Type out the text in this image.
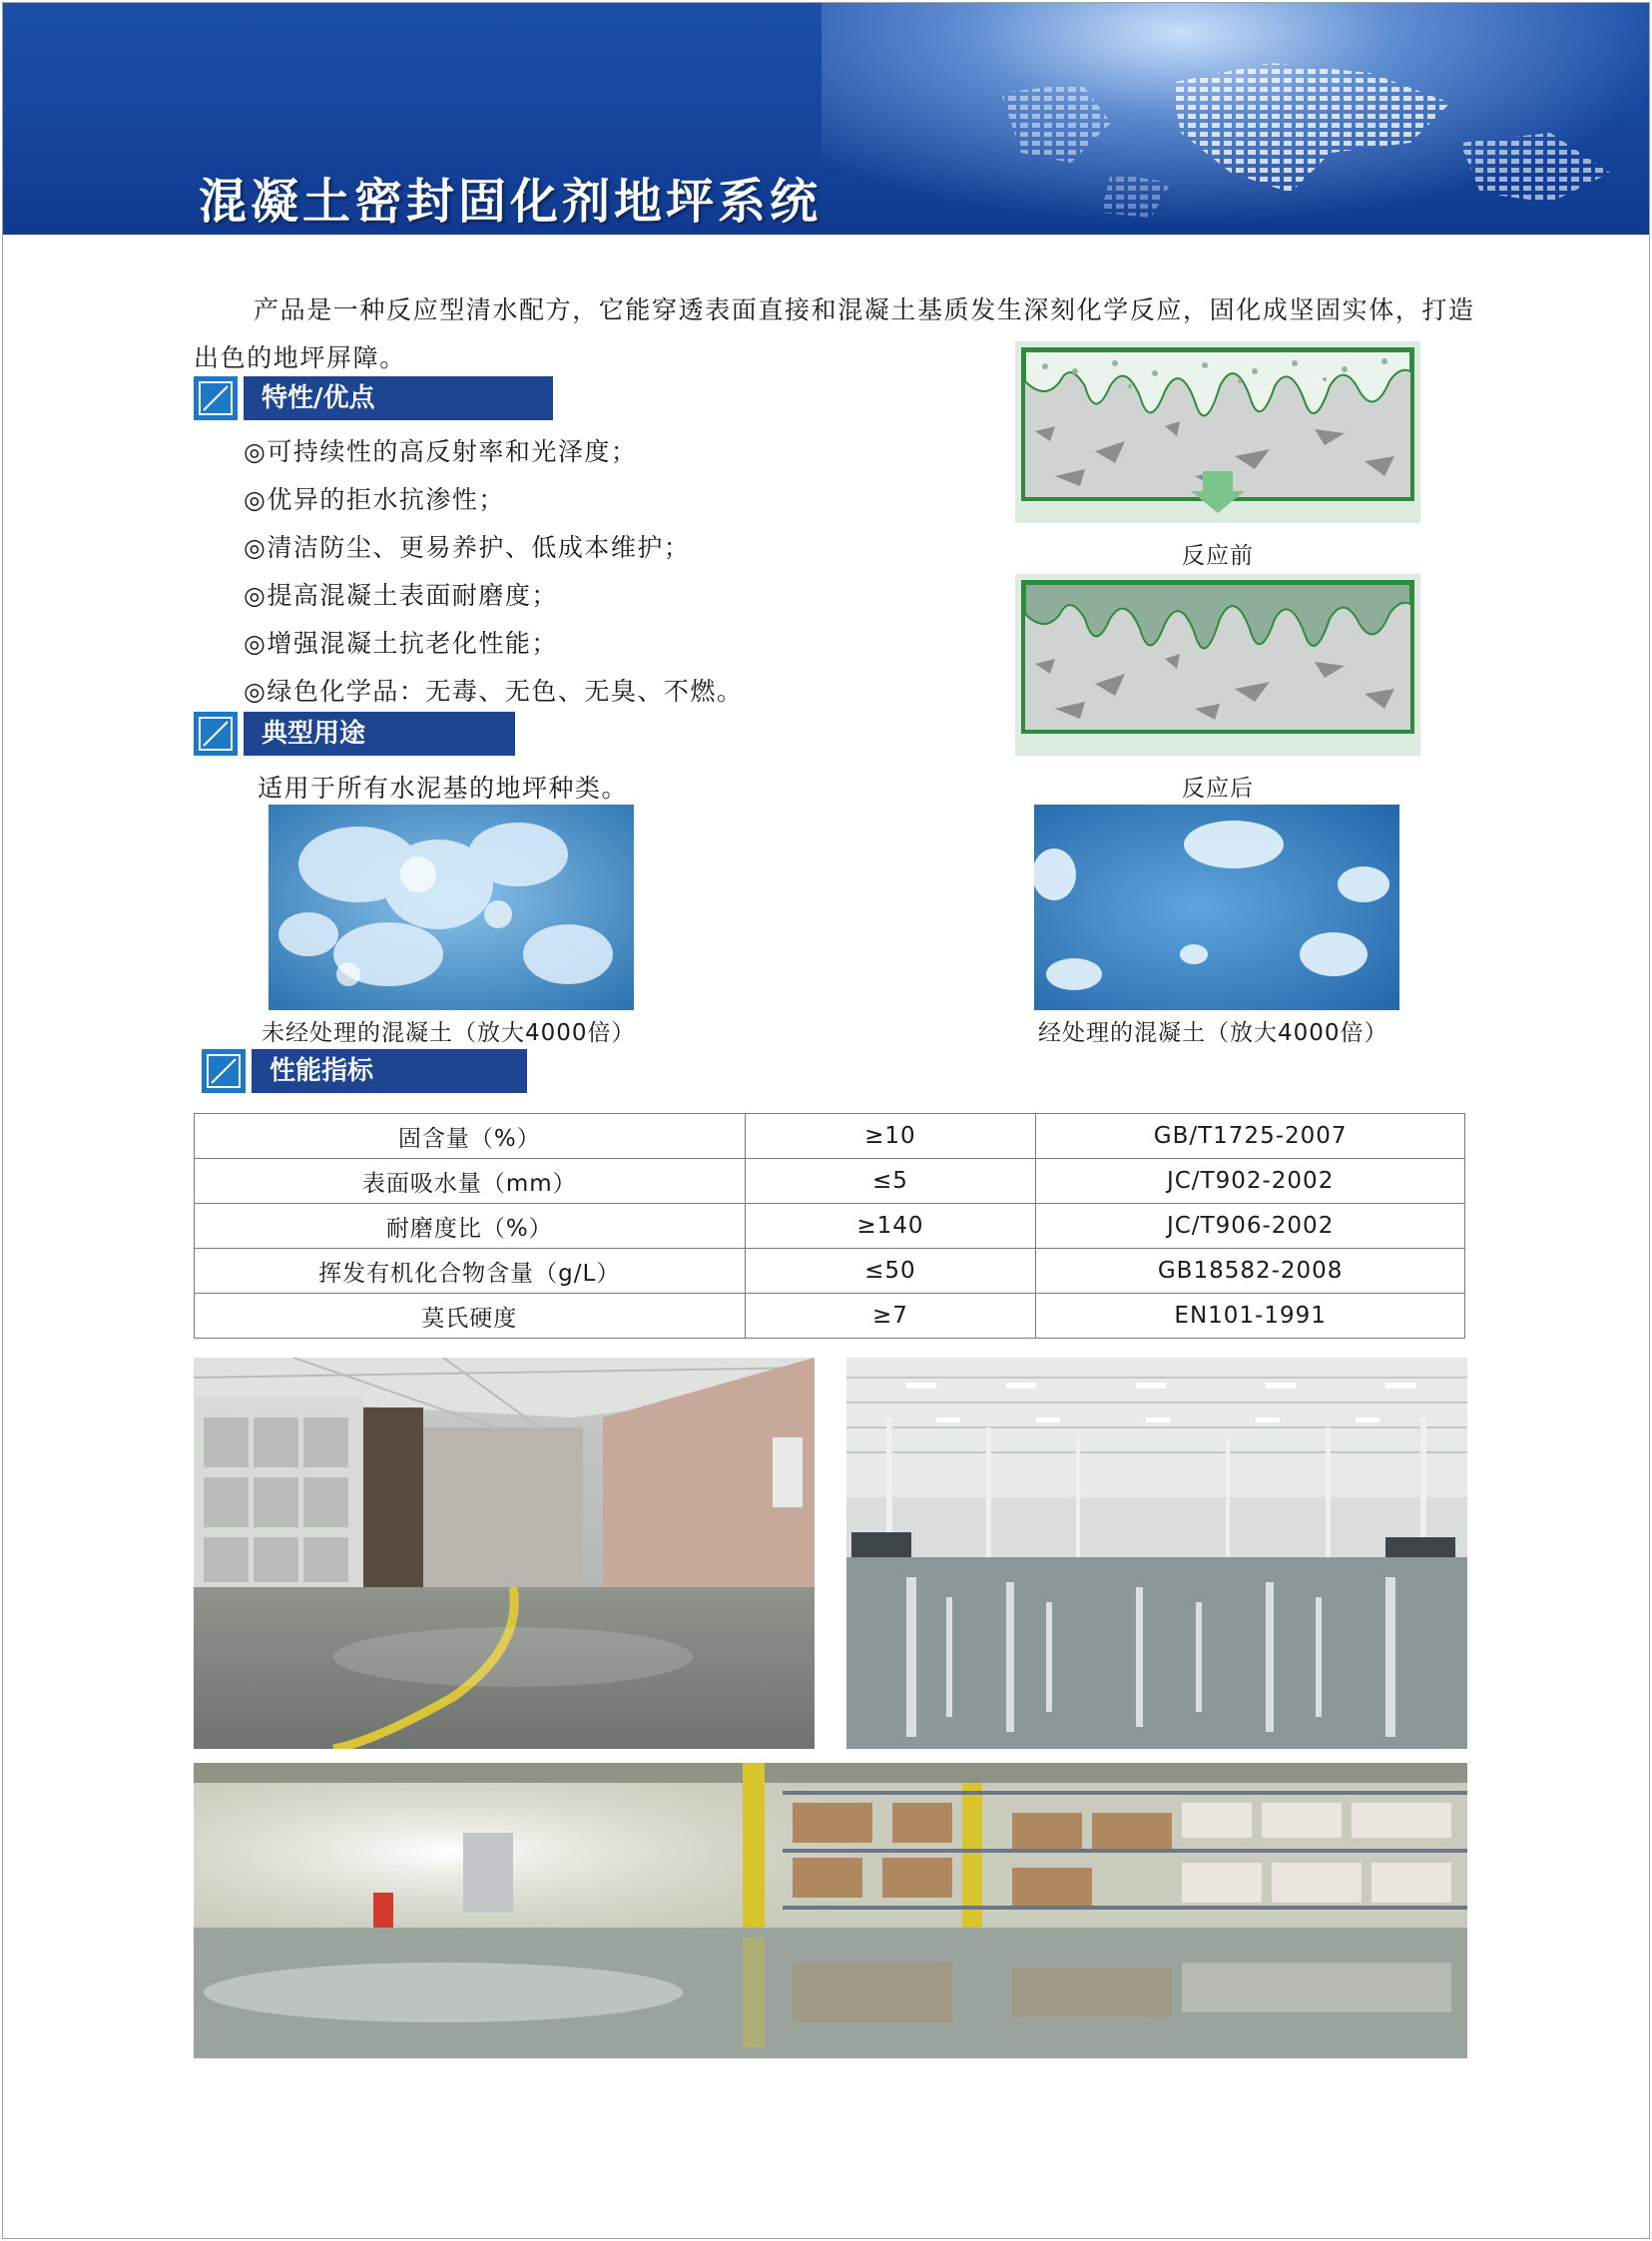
混凝土密封固化剂地坪系统
产品是一种反应型清水配方，它能穿透表面直接和混凝土基质发生深刻化学反应，固化成坚固实体，打造出色的地坪屏障。
特性/优点
◎可持续性的高反射率和光泽度；
◎优异的拒水抗渗性；
◎清洁防尘、更易养护、低成本维护；
◎提高混凝土表面耐磨度；
◎增强混凝土抗老化性能；
◎绿色化学品：无毒、无色、无臭、不燃。
典型用途
适用于所有水泥基的地坪种类。
反应前
反应后
未经处理的混凝土（放大4000倍）	经处理的混凝土（放大4000倍）
性能指标
固含量（%）	≥10	GB/T1725-2007
表面吸水量（mm）	≤5	JC/T902-2002
耐磨度比（%）	≥140	JC/T906-2002
挥发有机化合物含量（g/L）	≤50	GB18582-2008
莫氏硬度	≥7	EN101-1991
